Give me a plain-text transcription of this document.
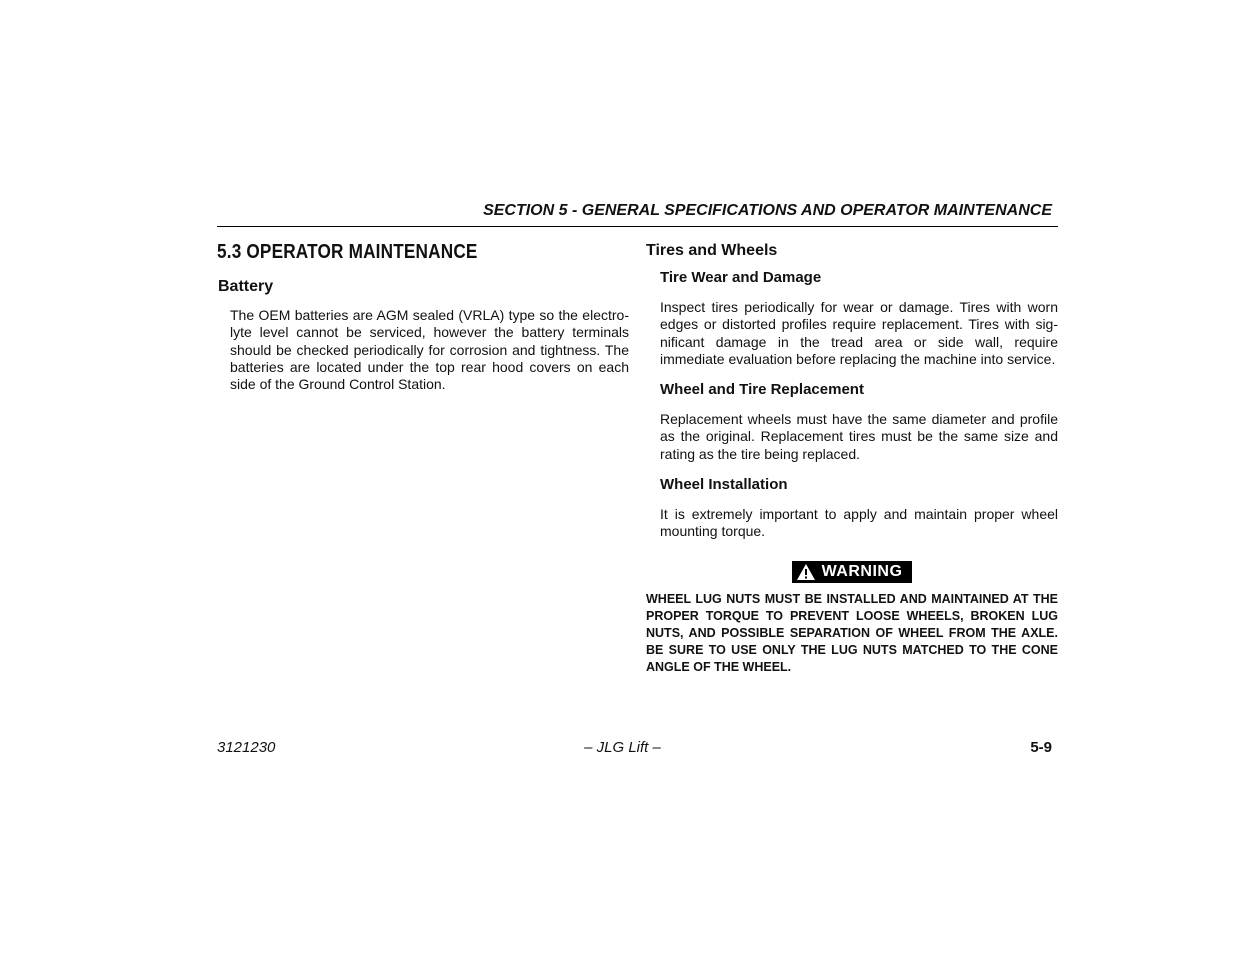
SECTION 5 - GENERAL SPECIFICATIONS AND OPERATOR MAINTENANCE
5.3 OPERATOR MAINTENANCE
Battery

The OEM batteries are AGM sealed (VRLA) type so the electro-lyte level cannot be serviced, however the battery terminals should be checked periodically for corrosion and tightness. The batteries are located under the top rear hood covers on each side of the Ground Control Station.

Tires and Wheels
Tire Wear and Damage

Inspect tires periodically for wear or damage. Tires with worn edges or distorted profiles require replacement. Tires with sig-nificant damage in the tread area or side wall, require immediate evaluation before replacing the machine into service.

Wheel and Tire Replacement

Replacement wheels must have the same diameter and profile as the original. Replacement tires must be the same size and rating as the tire being replaced.

Wheel Installation

It is extremely important to apply and maintain proper wheel mounting torque.

WARNING

WHEEL LUG NUTS MUST BE INSTALLED AND MAINTAINED AT THE PROPER TORQUE TO PREVENT LOOSE WHEELS, BROKEN LUG NUTS, AND POSSIBLE SEPARATION OF WHEEL FROM THE AXLE. BE SURE TO USE ONLY THE LUG NUTS MATCHED TO THE CONE ANGLE OF THE WHEEL.

3121230	– JLG Lift –	5-9
